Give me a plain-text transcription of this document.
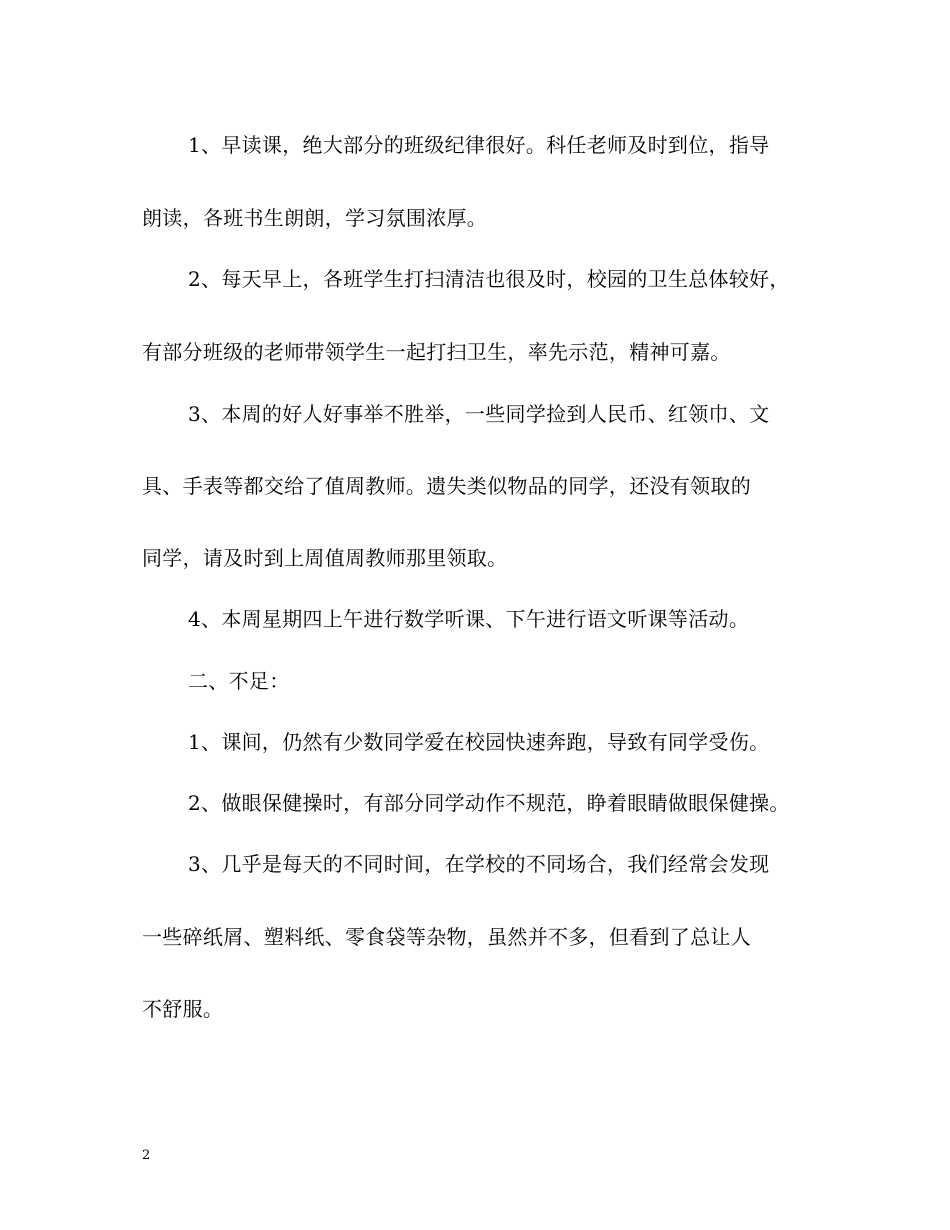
1、早读课，绝大部分的班级纪律很好。科任老师及时到位，指导
朗读，各班书生朗朗，学习氛围浓厚。
2、每天早上，各班学生打扫清洁也很及时，校园的卫生总体较好，
有部分班级的老师带领学生一起打扫卫生，率先示范，精神可嘉。
3、本周的好人好事举不胜举，一些同学捡到人民币、红领巾、文
具、手表等都交给了值周教师。遗失类似物品的同学，还没有领取的
同学，请及时到上周值周教师那里领取。
4、本周星期四上午进行数学听课、下午进行语文听课等活动。
二、不足：
1、课间，仍然有少数同学爱在校园快速奔跑，导致有同学受伤。
2、做眼保健操时，有部分同学动作不规范，睁着眼睛做眼保健操。
3、几乎是每天的不同时间，在学校的不同场合，我们经常会发现
一些碎纸屑、塑料纸、零食袋等杂物，虽然并不多，但看到了总让人
不舒服。
2
